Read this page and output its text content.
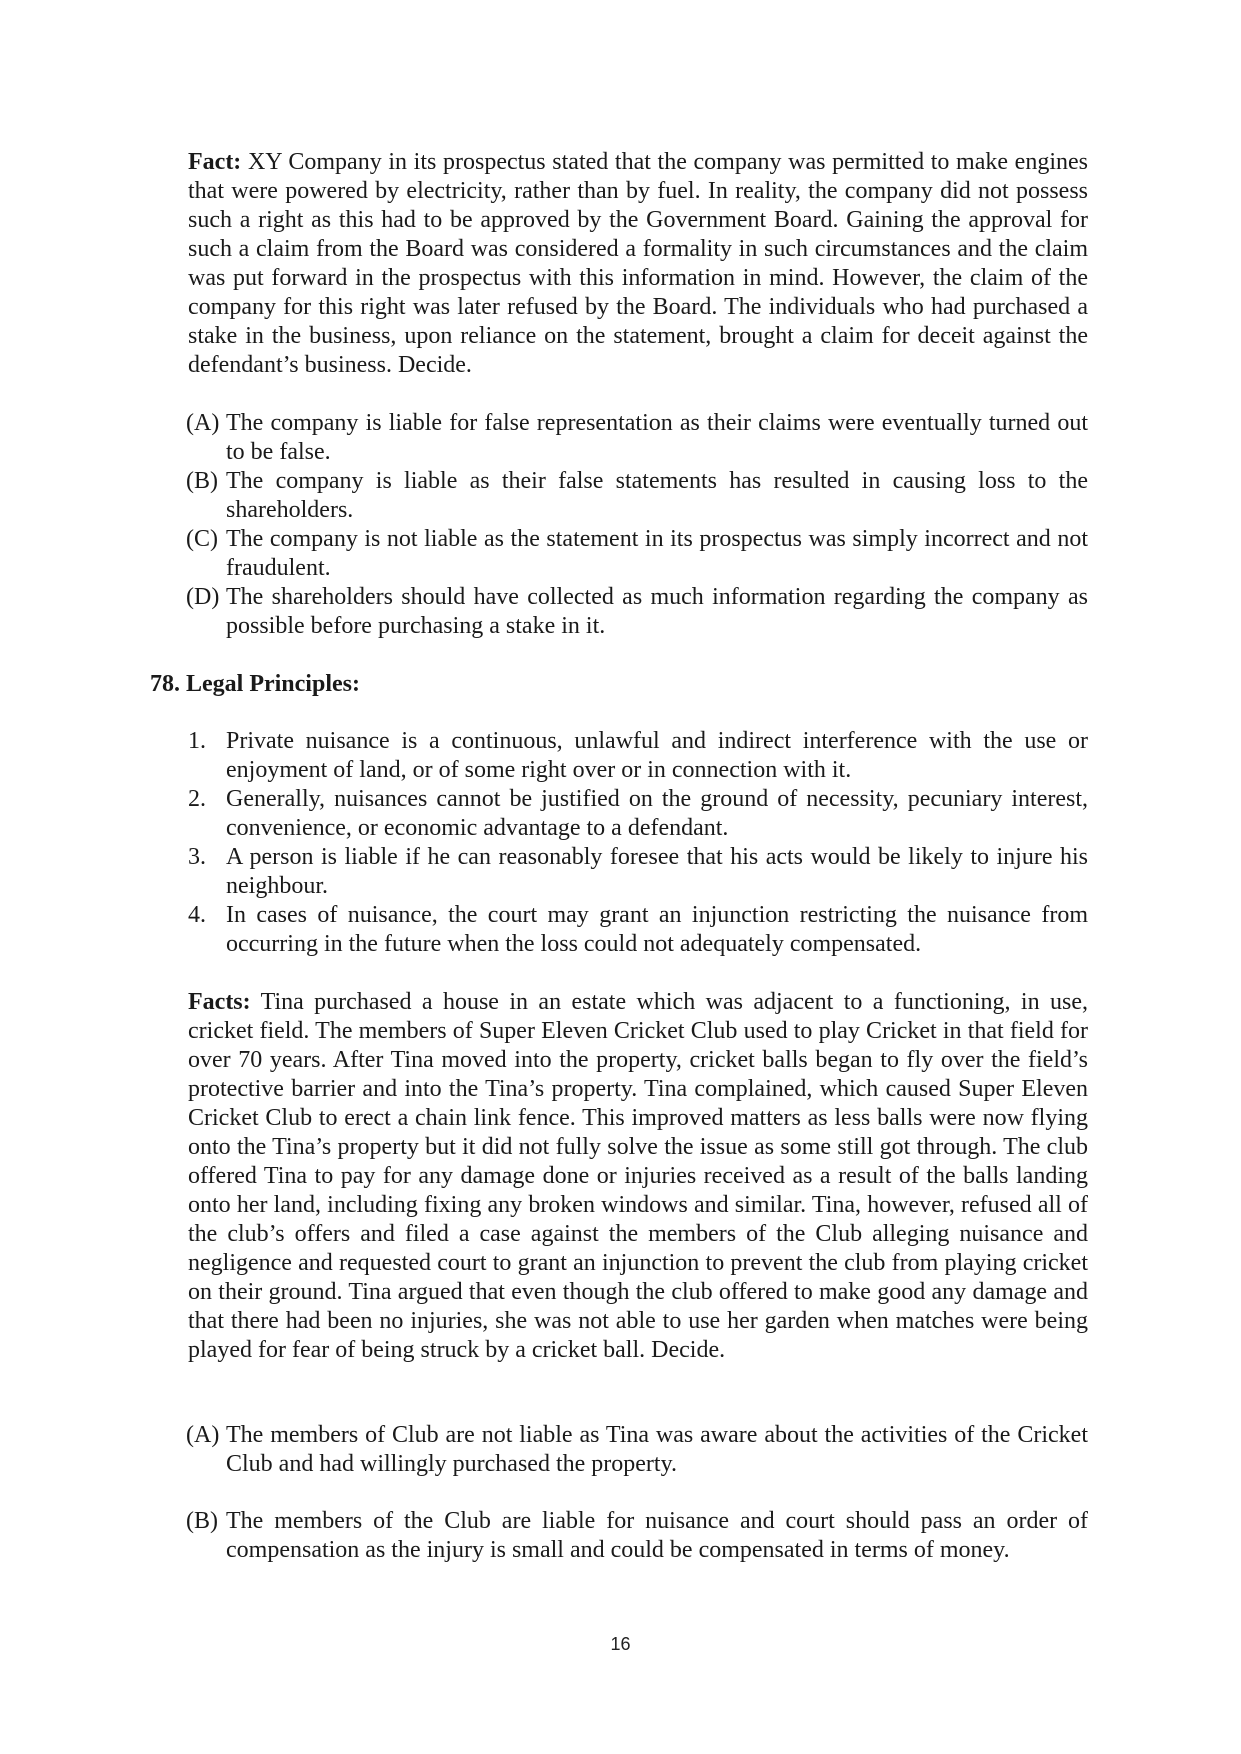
Fact: XY Company in its prospectus stated that the company was permitted to make engines that were powered by electricity, rather than by fuel. In reality, the company did not possess such a right as this had to be approved by the Government Board. Gaining the approval for such a claim from the Board was considered a formality in such circumstances and the claim was put forward in the prospectus with this information in mind. However, the claim of the company for this right was later refused by the Board. The individuals who had purchased a stake in the business, upon reliance on the statement, brought a claim for deceit against the defendant’s business. Decide.
(A) The company is liable for false representation as their claims were eventually turned out to be false.
(B) The company is liable as their false statements has resulted in causing loss to the shareholders.
(C) The company is not liable as the statement in its prospectus was simply incorrect and not fraudulent.
(D) The shareholders should have collected as much information regarding the company as possible before purchasing a stake in it.
78. Legal Principles:
1. Private nuisance is a continuous, unlawful and indirect interference with the use or enjoyment of land, or of some right over or in connection with it.
2. Generally, nuisances cannot be justified on the ground of necessity, pecuniary interest, convenience, or economic advantage to a defendant.
3. A person is liable if he can reasonably foresee that his acts would be likely to injure his neighbour.
4. In cases of nuisance, the court may grant an injunction restricting the nuisance from occurring in the future when the loss could not adequately compensated.
Facts: Tina purchased a house in an estate which was adjacent to a functioning, in use, cricket field. The members of Super Eleven Cricket Club used to play Cricket in that field for over 70 years. After Tina moved into the property, cricket balls began to fly over the field’s protective barrier and into the Tina’s property. Tina complained, which caused Super Eleven Cricket Club to erect a chain link fence. This improved matters as less balls were now flying onto the Tina’s property but it did not fully solve the issue as some still got through. The club offered Tina to pay for any damage done or injuries received as a result of the balls landing onto her land, including fixing any broken windows and similar. Tina, however, refused all of the club’s offers and filed a case against the members of the Club alleging nuisance and negligence and requested court to grant an injunction to prevent the club from playing cricket on their ground. Tina argued that even though the club offered to make good any damage and that there had been no injuries, she was not able to use her garden when matches were being played for fear of being struck by a cricket ball. Decide.
(A) The members of Club are not liable as Tina was aware about the activities of the Cricket Club and had willingly purchased the property.
(B) The members of the Club are liable for nuisance and court should pass an order of compensation as the injury is small and could be compensated in terms of money.
16
